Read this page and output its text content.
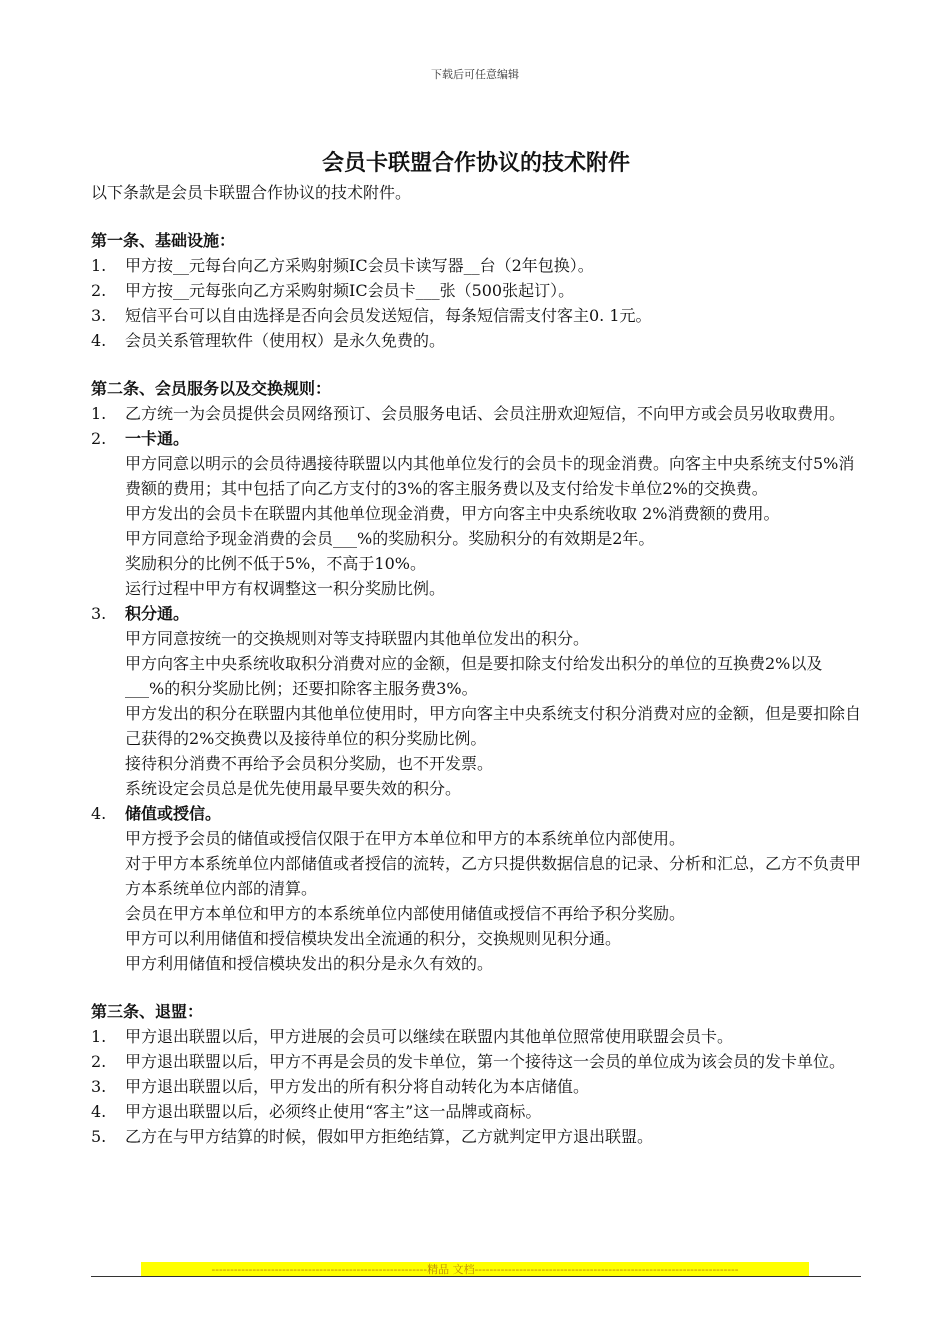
下载后可任意编辑
会员卡联盟合作协议的技术附件
以下条款是会员卡联盟合作协议的技术附件。
第一条、基础设施：
1. 甲方按__元每台向乙方采购射频IC会员卡读写器__台（2年包换）。
2. 甲方按__元每张向乙方采购射频IC会员卡___张（500张起订）。
3. 短信平台可以自由选择是否向会员发送短信，每条短信需支付客主0. 1元。
4. 会员关系管理软件（使用权）是永久免费的。
第二条、会员服务以及交换规则：
1. 乙方统一为会员提供会员网络预订、会员服务电话、会员注册欢迎短信，不向甲方或会员另收取费用。
2. 一卡通。
甲方同意以明示的会员待遇接待联盟以内其他单位发行的会员卡的现金消费。向客主中央系统支付5%消费额的费用；其中包括了向乙方支付的3%的客主服务费以及支付给发卡单位2%的交换费。
甲方发出的会员卡在联盟内其他单位现金消费，甲方向客主中央系统收取 2%消费额的费用。
甲方同意给予现金消费的会员___%的奖励积分。奖励积分的有效期是2年。
奖励积分的比例不低于5%，不高于10%。
运行过程中甲方有权调整这一积分奖励比例。
3. 积分通。
甲方同意按统一的交换规则对等支持联盟内其他单位发出的积分。
甲方向客主中央系统收取积分消费对应的金额，但是要扣除支付给发出积分的单位的互换费2%以及___%的积分奖励比例；还要扣除客主服务费3%。
甲方发出的积分在联盟内其他单位使用时，甲方向客主中央系统支付积分消费对应的金额，但是要扣除自己获得的2%交换费以及接待单位的积分奖励比例。
接待积分消费不再给予会员积分奖励，也不开发票。
系统设定会员总是优先使用最早要失效的积分。
4. 储值或授信。
甲方授予会员的储值或授信仅限于在甲方本单位和甲方的本系统单位内部使用。
对于甲方本系统单位内部储值或者授信的流转，乙方只提供数据信息的记录、分析和汇总，乙方不负责甲方本系统单位内部的清算。
会员在甲方本单位和甲方的本系统单位内部使用储值或授信不再给予积分奖励。
甲方可以利用储值和授信模块发出全流通的积分，交换规则见积分通。
甲方利用储值和授信模块发出的积分是永久有效的。
第三条、退盟：
1. 甲方退出联盟以后，甲方进展的会员可以继续在联盟内其他单位照常使用联盟会员卡。
2. 甲方退出联盟以后，甲方不再是会员的发卡单位，第一个接待这一会员的单位成为该会员的发卡单位。
3. 甲方退出联盟以后，甲方发出的所有积分将自动转化为本店储值。
4. 甲方退出联盟以后，必须终止使用“客主”这一品牌或商标。
5. 乙方在与甲方结算的时候，假如甲方拒绝结算，乙方就判定甲方退出联盟。
----------------------------------------------------------精品 文档-----------------------------------------------------------------------
